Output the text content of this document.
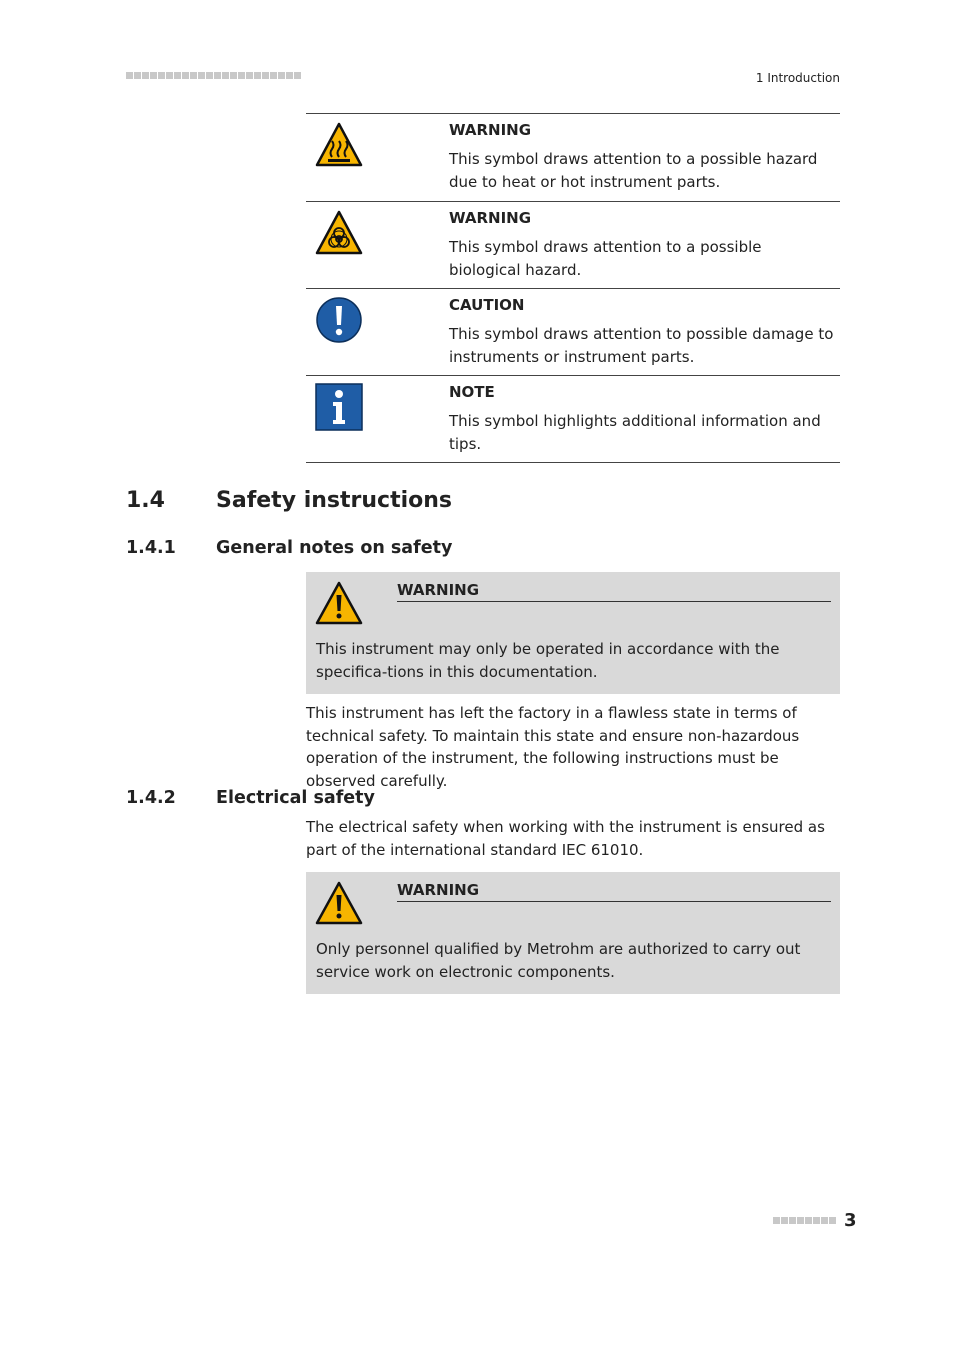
1 Introduction
WARNING
This symbol draws attention to a possible hazard due to heat or hot instrument parts.
WARNING
This symbol draws attention to a possible biological hazard.
CAUTION
This symbol draws attention to possible damage to instruments or instrument parts.
NOTE
This symbol highlights additional information and tips.
1.4 Safety instructions
1.4.1 General notes on safety
WARNING
This instrument may only be operated in accordance with the specifica-tions in this documentation.
This instrument has left the factory in a flawless state in terms of technical safety. To maintain this state and ensure non-hazardous operation of the instrument, the following instructions must be observed carefully.
1.4.2 Electrical safety
The electrical safety when working with the instrument is ensured as part of the international standard IEC 61010.
WARNING
Only personnel qualified by Metrohm are authorized to carry out service work on electronic components.
3
